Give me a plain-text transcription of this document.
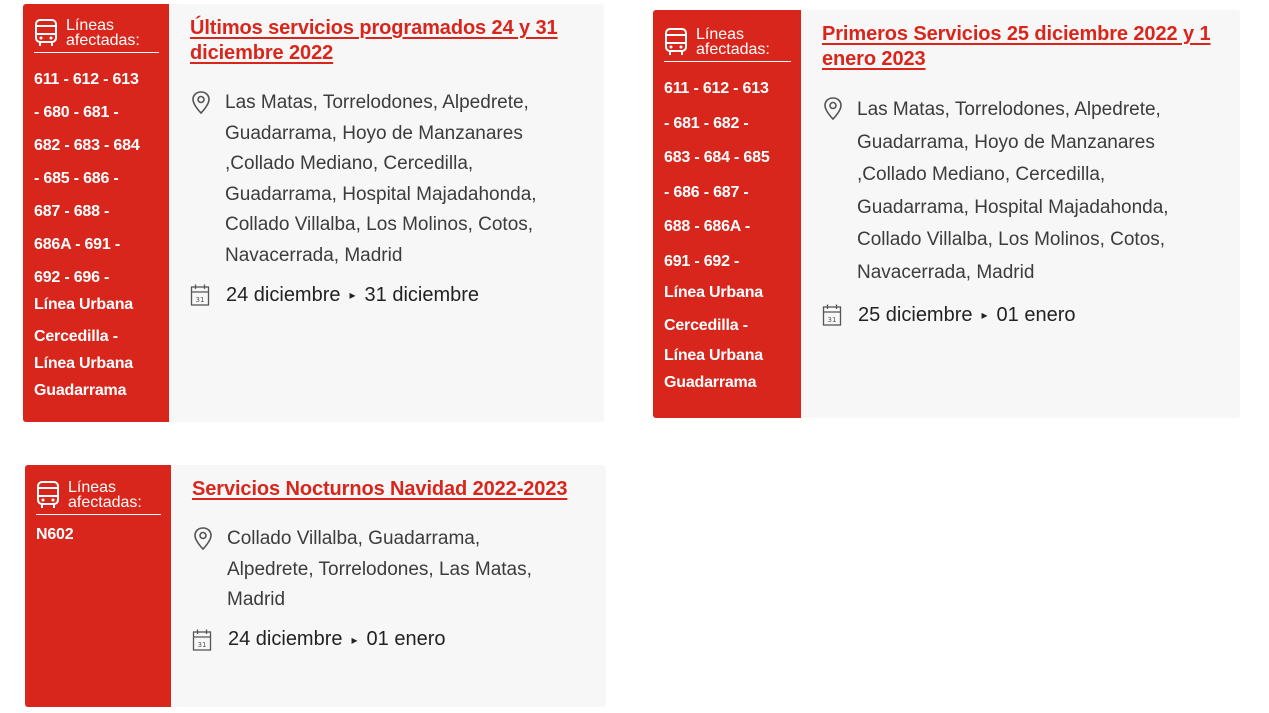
Líneas afectadas:
611 - 612 - 613
- 680 - 681 -
682 - 683 - 684
- 685 - 686 -
687 - 688 -
686A - 691 -
692 - 696 -
Línea Urbana
Cercedilla -
Línea Urbana
Guadarrama
Últimos servicios programados 24 y 31 diciembre 2022
Las Matas, Torrelodones, Alpedrete,
Guadarrama, Hoyo de Manzanares
,Collado Mediano, Cercedilla,
Guadarrama, Hospital Majadahonda,
Collado Villalba, Los Molinos, Cotos,
Navacerrada, Madrid
31 24 diciembre ▸ 31 diciembre
Líneas afectadas:
611 - 612 - 613
- 681 - 682 -
683 - 684 - 685
- 686 - 687 -
688 - 686A -
691 - 692 -
Línea Urbana
Cercedilla -
Línea Urbana
Guadarrama
Primeros Servicios 25 diciembre 2022 y 1 enero 2023
Las Matas, Torrelodones, Alpedrete,
Guadarrama, Hoyo de Manzanares
,Collado Mediano, Cercedilla,
Guadarrama, Hospital Majadahonda,
Collado Villalba, Los Molinos, Cotos,
Navacerrada, Madrid
31 25 diciembre ▸ 01 enero
Líneas afectadas:
N602
Servicios Nocturnos Navidad 2022-2023
Collado Villalba, Guadarrama,
Alpedrete, Torrelodones, Las Matas,
Madrid
31 24 diciembre ▸ 01 enero
